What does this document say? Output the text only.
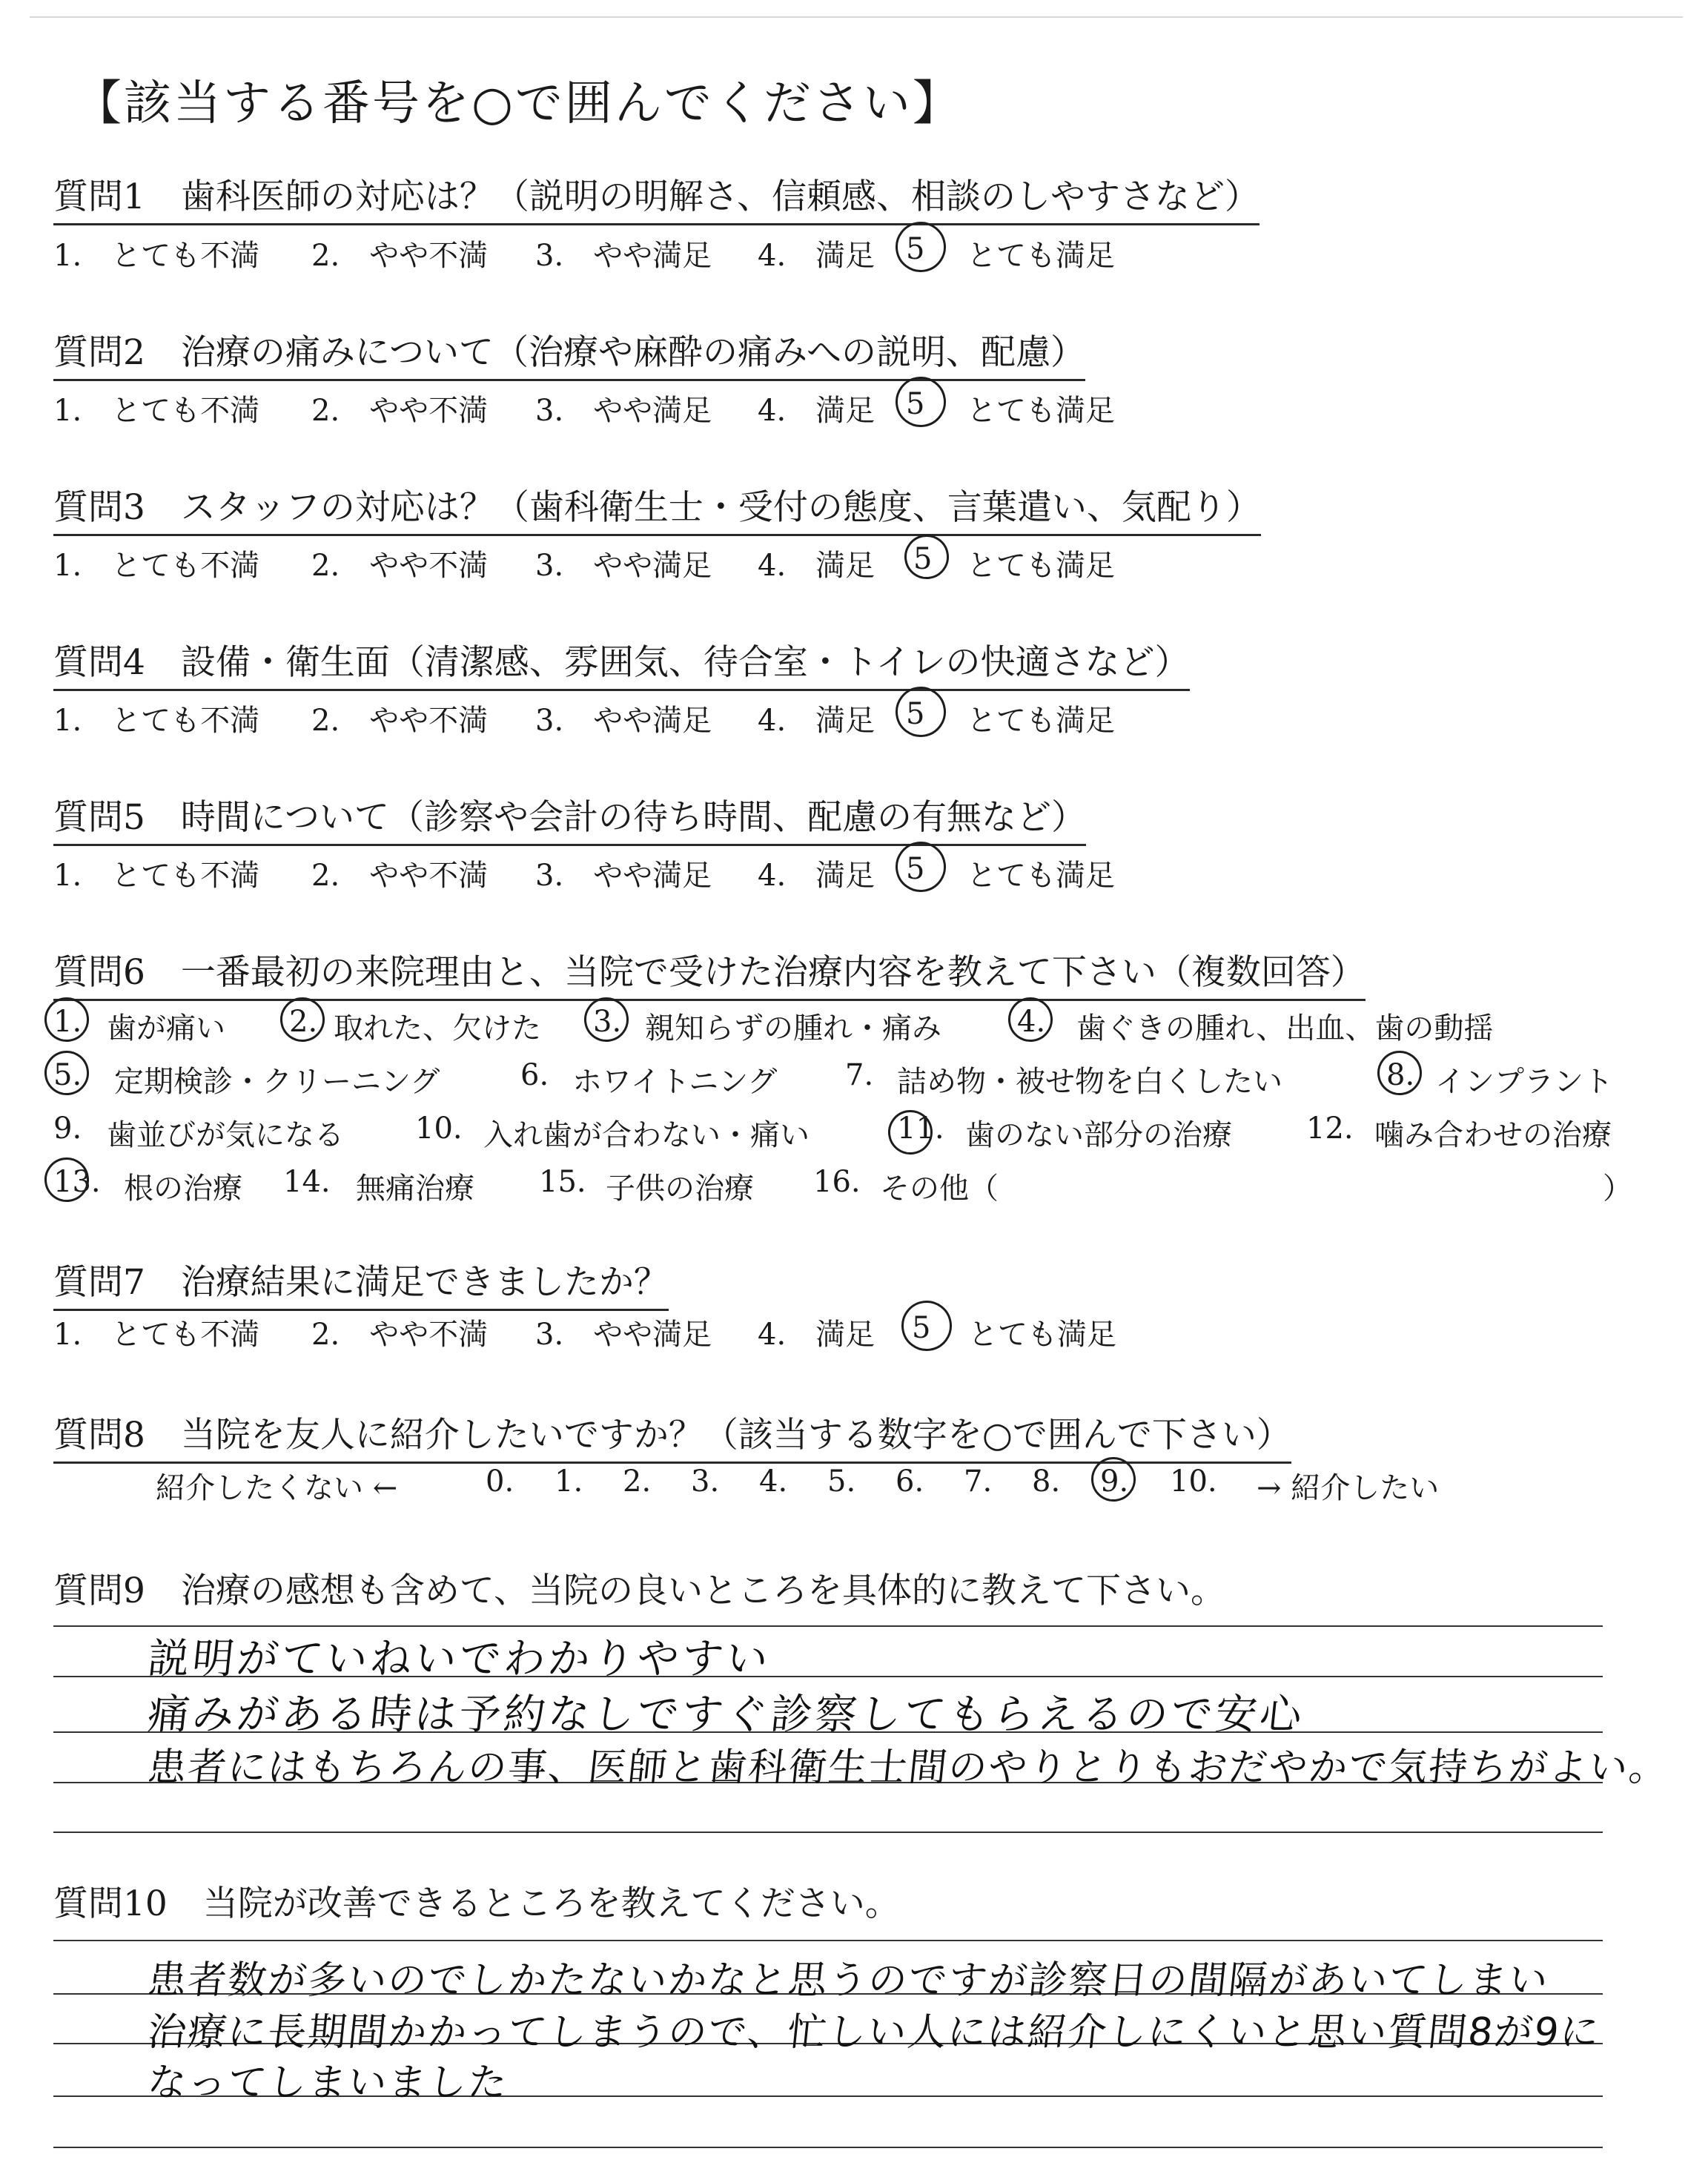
【該当する番号を○で囲んでください】
質問1 歯科医師の対応は？（説明の明解さ、信頼感、相談のしやすさなど）
1.　とても不満 2.　やや不満 3.　やや満足 4.　満足 5 とても満足
質問2 治療の痛みについて（治療や麻酔の痛みへの説明、配慮）
1.　とても不満 2.　やや不満 3.　やや満足 4.　満足 5 とても満足
質問3 スタッフの対応は？（歯科衛生士・受付の態度、言葉遣い、気配り）
1.　とても不満 2.　やや不満 3.　やや満足 4.　満足 5 とても満足
質問4 設備・衛生面（清潔感、雰囲気、待合室・トイレの快適さなど）
1.　とても不満 2.　やや不満 3.　やや満足 4.　満足 5 とても満足
質問5 時間について（診察や会計の待ち時間、配慮の有無など）
1.　とても不満 2.　やや不満 3.　やや満足 4.　満足 5 とても満足
質問6 一番最初の来院理由と、当院で受けた治療内容を教えて下さい（複数回答）
1. 歯が痛い 2. 取れた、欠けた 3. 親知らずの腫れ・痛み	4. 歯ぐきの腫れ、出血、歯の動揺
5. 定期検診・クリーニング	6. ホワイトニング 7. 詰め物・被せ物を白くしたい	8. インプラント
9. 歯並びが気になる 10. 入れ歯が合わない・痛い	11. 歯のない部分の治療	12. 噛み合わせの治療
13. 根の治療 14. 無痛治療 15. 子供の治療 16. その他（	）
質問7 治療結果に満足できましたか？
1.　とても不満 2.　やや不満 3.　やや満足 4.　満足 5 とても満足
質問8 当院を友人に紹介したいですか？（該当する数字を○で囲んで下さい）
紹介したくない ←	0. 1. 2. 3. 4. 5. 6. 7. 8. 9. 10. → 紹介したい
質問9 治療の感想も含めて、当院の良いところを具体的に教えて下さい。
説明がていねいでわかりやすい
痛みがある時は予約なしですぐ診察してもらえるので安心
患者にはもちろんの事、医師と歯科衛生士間のやりとりもおだやかで気持ちがよい。
質問10 当院が改善できるところを教えてください。
患者数が多いのでしかたないかなと思うのですが診察日の間隔があいてしまい
治療に長期間かかってしまうので、忙しい人には紹介しにくいと思い質問8が9に
なってしまいました
